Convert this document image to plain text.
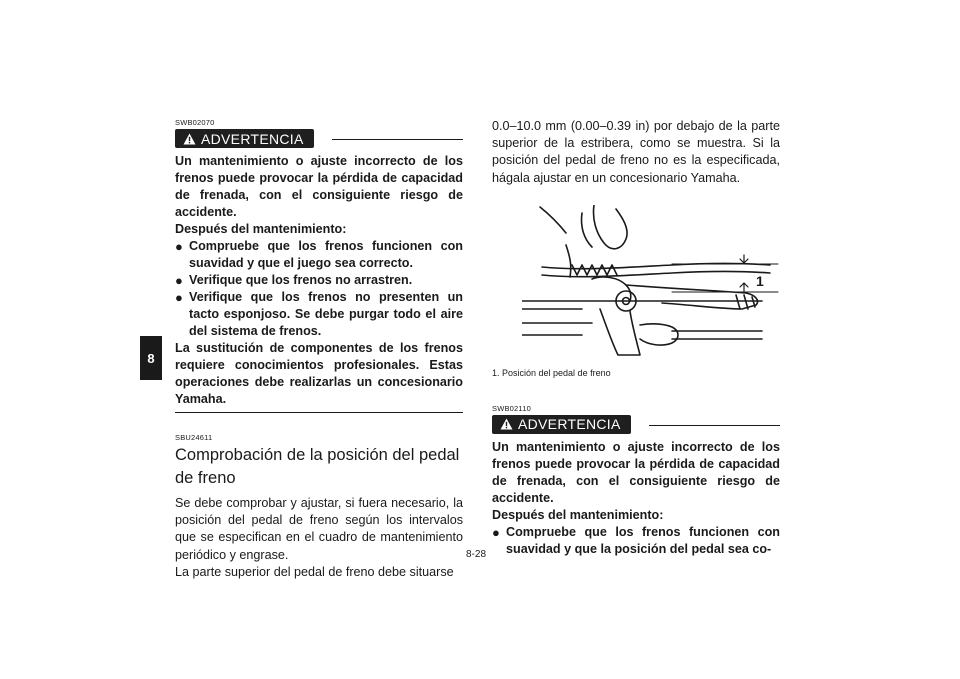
8
SWB02070
ADVERTENCIA
Un mantenimiento o ajuste incorrecto de los frenos puede provocar la pérdida de capacidad de frenada, con el consiguiente riesgo de accidente.
Después del mantenimiento:
● Compruebe que los frenos funcionen con suavidad y que el juego sea correcto.
● Verifique que los frenos no arrastren.
● Verifique que los frenos no presenten un tacto esponjoso. Se debe purgar todo el aire del sistema de frenos.
La sustitución de componentes de los frenos requiere conocimientos profesionales. Estas operaciones debe realizarlas un concesionario Yamaha.
SBU24611
Comprobación de la posición del pedal de freno
Se debe comprobar y ajustar, si fuera necesario, la posición del pedal de freno según los intervalos que se especifican en el cuadro de mantenimiento periódico y engrase.
La parte superior del pedal de freno debe situarse
0.0–10.0 mm (0.00–0.39 in) por debajo de la parte superior de la estribera, como se muestra. Si la posición del pedal de freno no es la especificada, hágala ajustar en un concesionario Yamaha.
1
1. Posición del pedal de freno
SWB02110
ADVERTENCIA
Un mantenimiento o ajuste incorrecto de los frenos puede provocar la pérdida de capacidad de frenada, con el consiguiente riesgo de accidente.
Después del mantenimiento:
● Compruebe que los frenos funcionen con suavidad y que la posición del pedal sea co-
8-28
